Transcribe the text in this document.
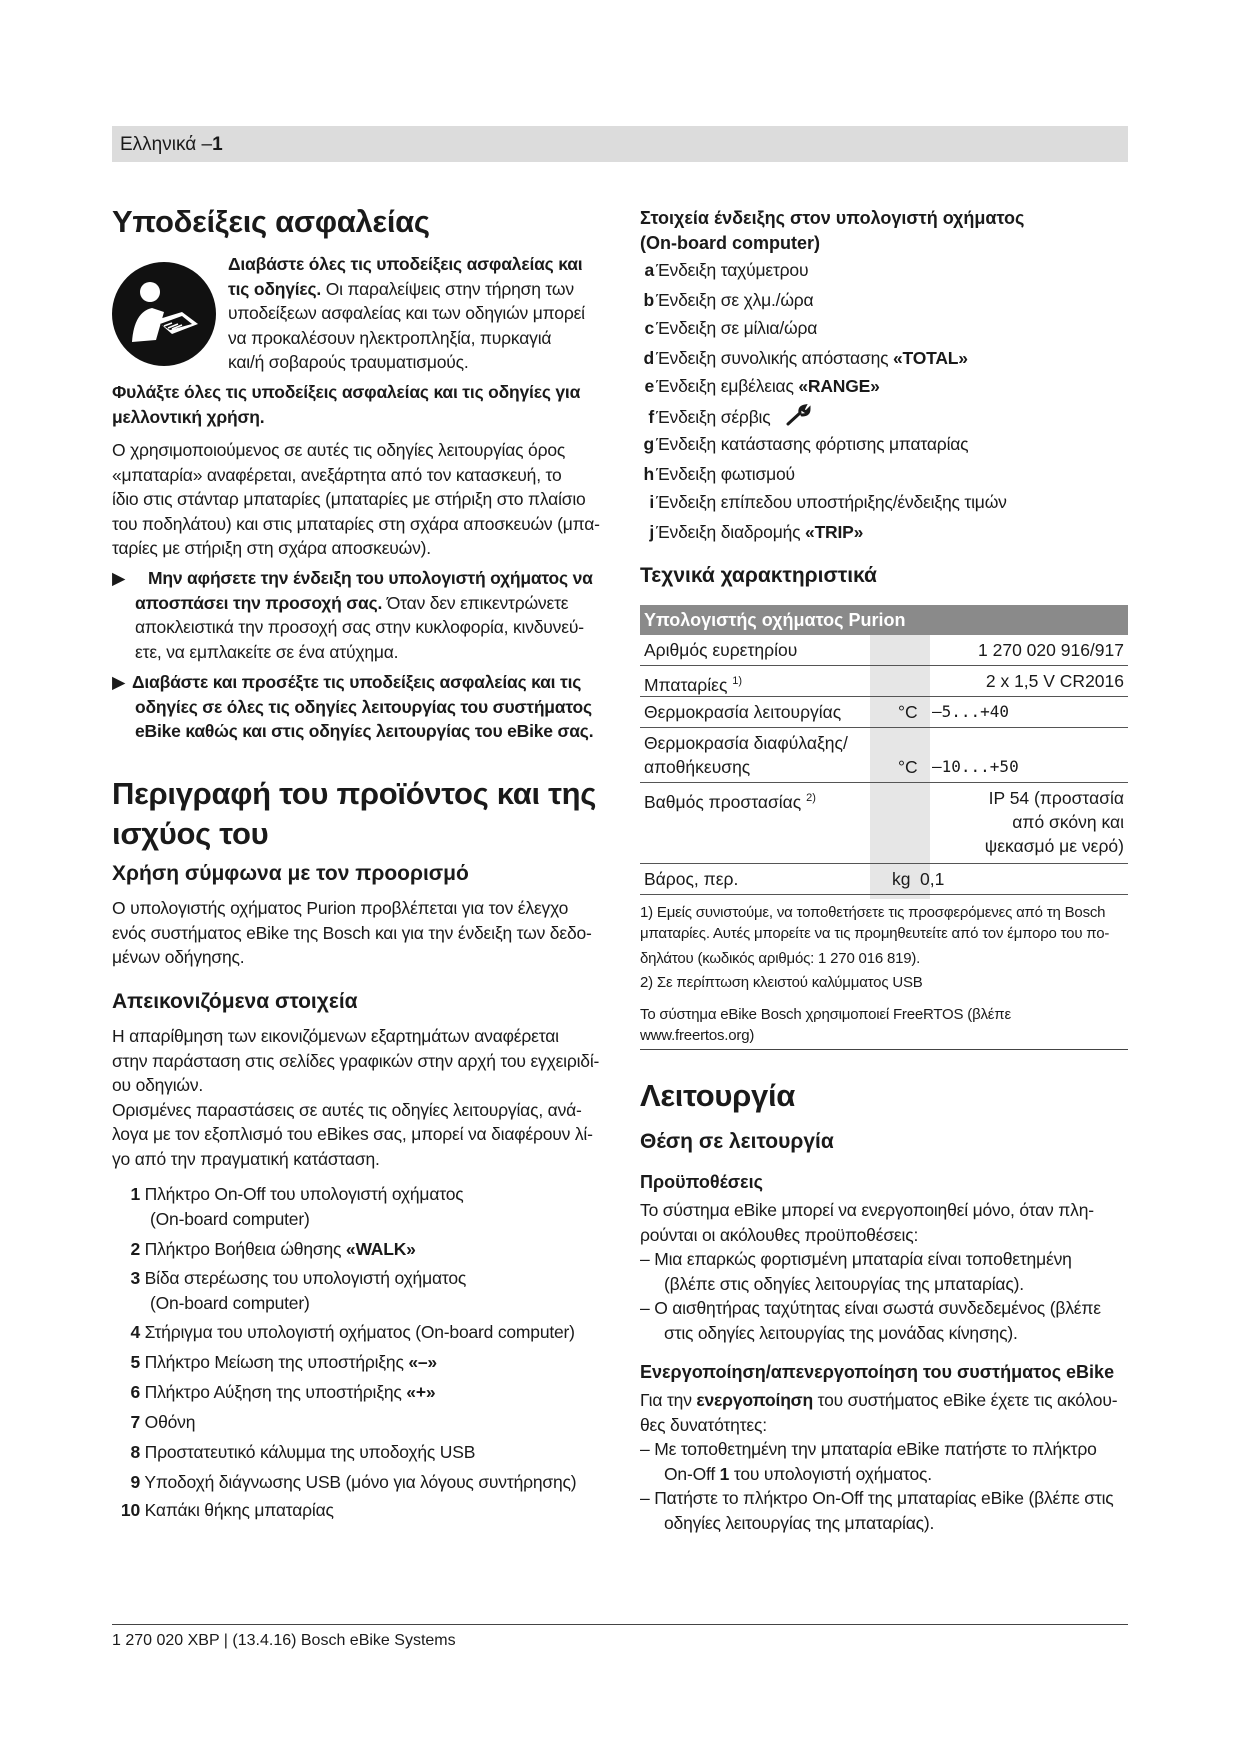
Ελληνικά –1
Υποδείξεις ασφαλείας
Διαβάστε όλες τις υποδείξεις ασφαλείας και
τις οδηγίες. Οι παραλείψεις στην τήρηση των
υποδείξεων ασφαλείας και των οδηγιών μπορεί
να προκαλέσουν ηλεκτροπληξία, πυρκαγιά
και/ή σοβαρούς τραυματισμούς.
Φυλάξτε όλες τις υποδείξεις ασφαλείας και τις οδηγίες για
μελλοντική χρήση.
Ο χρησιμοποιούμενος σε αυτές τις οδηγίες λειτουργίας όρος
«μπαταρία» αναφέρεται, ανεξάρτητα από τον κατασκευή, το
ίδιο στις στάνταρ μπαταρίες (μπαταρίες με στήριξη στο πλαίσιο
του ποδηλάτου) και στις μπαταρίες στη σχάρα αποσκευών (μπα-
ταρίες με στήριξη στη σχάρα αποσκευών).
▶ Μην αφήσετε την ένδειξη του υπολογιστή οχήματος να
αποσπάσει την προσοχή σας. Όταν δεν επικεντρώνετε
αποκλειστικά την προσοχή σας στην κυκλοφορία, κινδυνεύ-
ετε, να εμπλακείτε σε ένα ατύχημα.
▶ Διαβάστε και προσέξτε τις υποδείξεις ασφαλείας και τις
οδηγίες σε όλες τις οδηγίες λειτουργίας του συστήματος
eBike καθώς και στις οδηγίες λειτουργίας του eBike σας.
Περιγραφή του προϊόντος και της
ισχύος του
Χρήση σύμφωνα με τον προορισμό
Ο υπολογιστής οχήματος Purion προβλέπεται για τον έλεγχο
ενός συστήματος eBike της Bosch και για την ένδειξη των δεδο-
μένων οδήγησης.
Απεικονιζόμενα στοιχεία
Η απαρίθμηση των εικονιζόμενων εξαρτημάτων αναφέρεται
στην παράσταση στις σελίδες γραφικών στην αρχή του εγχειριδί-
ου οδηγιών.
Ορισμένες παραστάσεις σε αυτές τις οδηγίες λειτουργίας, ανά-
λογα με τον εξοπλισμό του eBikes σας, μπορεί να διαφέρουν λί-
γο από την πραγματική κατάσταση.
1 Πλήκτρο On-Off του υπολογιστή οχήματος
(On-board computer)
2 Πλήκτρο Βοήθεια ώθησης «WALK»
3 Βίδα στερέωσης του υπολογιστή οχήματος
(On-board computer)
4 Στήριγμα του υπολογιστή οχήματος (On-board computer)
5 Πλήκτρο Μείωση της υποστήριξης «–»
6 Πλήκτρο Αύξηση της υποστήριξης «+»
7 Οθόνη
8 Προστατευτικό κάλυμμα της υποδοχής USB
9 Υποδοχή διάγνωσης USB (μόνο για λόγους συντήρησης)
10 Καπάκι θήκης μπαταρίας
Στοιχεία ένδειξης στον υπολογιστή οχήματος
(On-board computer)
a Ένδειξη ταχύμετρου
b Ένδειξη σε χλμ./ώρα
c Ένδειξη σε μίλια/ώρα
d Ένδειξη συνολικής απόστασης «TOTAL»
e Ένδειξη εμβέλειας «RANGE»
f Ένδειξη σέρβις
g Ένδειξη κατάστασης φόρτισης μπαταρίας
h Ένδειξη φωτισμού
i Ένδειξη επίπεδου υποστήριξης/ένδειξης τιμών
j Ένδειξη διαδρομής «TRIP»
Τεχνικά χαρακτηριστικά
Υπολογιστής οχήματος Purion
Αριθμός ευρετηρίου	1 270 020 916/917
Μπαταρίες $^{1)}$	2 x 1,5 V CR2016
Θερμοκρασία λειτουργίας	°C –5...+40
Θερμοκρασία διαφύλαξης/
αποθήκευσης	°C –10...+50
Βαθμός προστασίας $^{2)}$	IP 54 (προστασία
από σκόνη και
ψεκασμό με νερό)
Βάρος, περ.	kg 0,1
1) Εμείς συνιστούμε, να τοποθετήσετε τις προσφερόμενες από τη Bosch
μπαταρίες. Αυτές μπορείτε να τις προμηθευτείτε από τον έμπορο του πο-
δηλάτου (κωδικός αριθμός: 1 270 016 819).
2) Σε περίπτωση κλειστού καλύμματος USB
Το σύστημα eBike Bosch χρησιμοποιεί FreeRTOS (βλέπε
www.freertos.org)
Λειτουργία
Θέση σε λειτουργία
Προϋποθέσεις
Το σύστημα eBike μπορεί να ενεργοποιηθεί μόνο, όταν πλη-
ρούνται οι ακόλουθες προϋποθέσεις:
– Μια επαρκώς φορτισμένη μπαταρία είναι τοποθετημένη
(βλέπε στις οδηγίες λειτουργίας της μπαταρίας).
– Ο αισθητήρας ταχύτητας είναι σωστά συνδεδεμένος (βλέπε
στις οδηγίες λειτουργίας της μονάδας κίνησης).
Ενεργοποίηση/απενεργοποίηση του συστήματος eBike
Για την ενεργοποίηση του συστήματος eBike έχετε τις ακόλου-
θες δυνατότητες:
– Με τοποθετημένη την μπαταρία eBike πατήστε το πλήκτρο
On-Off 1 του υπολογιστή οχήματος.
– Πατήστε το πλήκτρο On-Off της μπαταρίας eBike (βλέπε στις
οδηγίες λειτουργίας της μπαταρίας).
1 270 020 XBP | (13.4.16) Bosch eBike Systems
